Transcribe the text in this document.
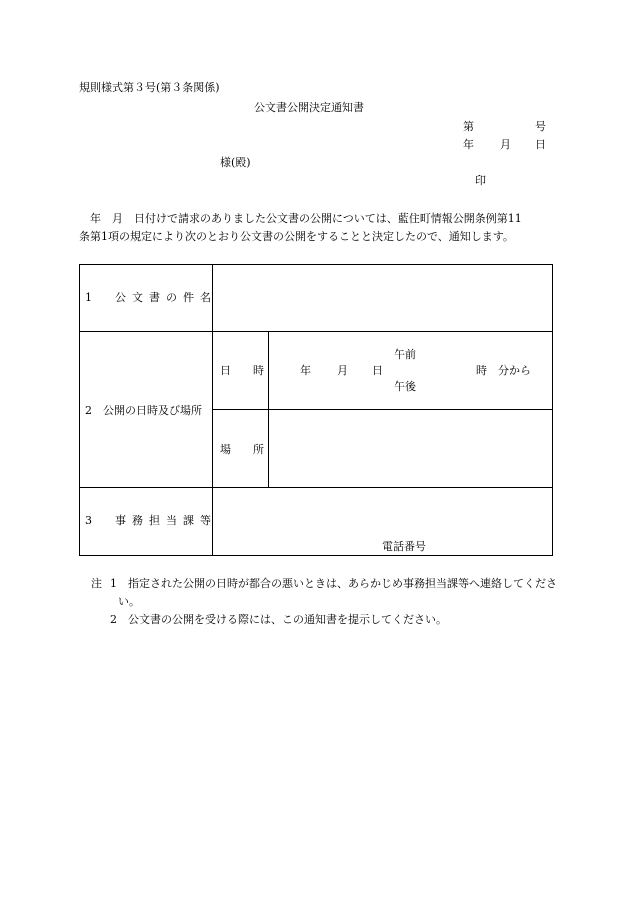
規則様式第３号(第３条関係)
公文書公開決定通知書
第	号
年 月 日
様(殿)
印
　年　月　日付けで請求のありました公文書の公開については、藍住町情報公開条例第11
条第1項の規定により次のとおり公文書の公開をすることと決定したので、通知します。
1　公文書の件名
2　公開の日時及び場所
日　　時	年 月 日
午前
午後
時　分から
場　　所
3　事務担当課等
電話番号
注 1 指定された公開の日時が都合の悪いときは、あらかじめ事務担当課等へ連絡してくださ
い。
2 公文書の公開を受ける際には、この通知書を提示してください。
